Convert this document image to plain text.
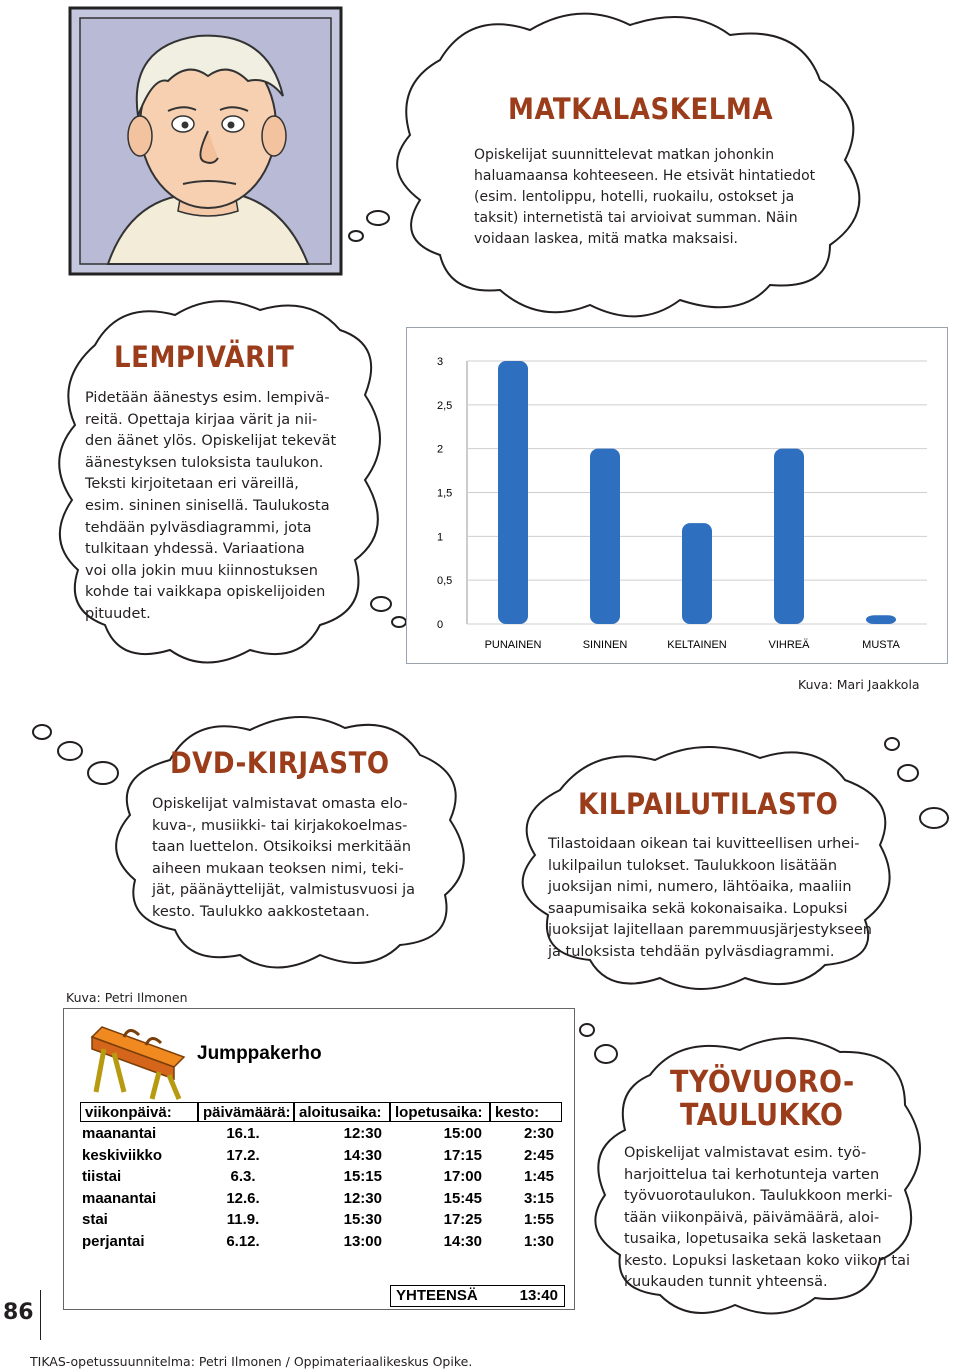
MATKALASKELMA
Opiskelijat suunnittelevat matkan johonkin
haluamaansa kohteeseen. He etsivät hintatiedot
(esim. lentolippu, hotelli, ruokailu, ostokset ja
taksit) internetistä tai arvioivat summan. Näin
voidaan laskea, mitä matka maksaisi.
LEMPIVÄRIT
Pidetään äänestys esim. lempivä-
reitä. Opettaja kirjaa värit ja nii-
den äänet ylös. Opiskelijat tekevät
äänestyksen tuloksista taulukon.
Teksti kirjoitetaan eri väreillä,
esim. sininen sinisellä. Taulukosta
tehdään pylväsdiagrammi, jota
tulkitaan yhdessä. Variaationa
voi olla jokin muu kiinnostuksen
kohde tai vaikkapa opiskelijoiden
pituudet.
0
0,5
1
1,5
2
2,5
3
PUNAINEN	SININEN	KELTAINEN	VIHREÄ	MUSTA
Kuva: Mari Jaakkola
DVD-KIRJASTO
Opiskelijat valmistavat omasta elo-
kuva-, musiikki- tai kirjakokoelmas-
taan luettelon. Otsikoiksi merkitään
aiheen mukaan teoksen nimi, teki-
jät, päänäyttelijät, valmistusvuosi ja
kesto. Taulukko aakkostetaan.
KILPAILUTILASTO
Tilastoidaan oikean tai kuvitteellisen urhei-
lukilpailun tulokset. Taulukkoon lisätään
juoksijan nimi, numero, lähtöaika, maaliin
saapumisaika sekä kokonaisaika. Lopuksi
juoksijat lajitellaan paremmuusjärjestykseen
ja tuloksista tehdään pylväsdiagrammi.
Kuva: Petri Ilmonen
Jumppakerho
viikonpäivä:	päivämäärä: aloitusaika: lopetusaika: kesto:
maanantai	16.1.	12:30	15:00	2:30
keskiviikko	17.2.	14:30	17:15	2:45
tiistai	6.3.	15:15	17:00	1:45
maanantai	12.6.	12:30	15:45	3:15
stai	11.9.	15:30	17:25	1:55
perjantai	6.12.	13:00	14:30	1:30
YHTEENSÄ	13:40
TYÖVUORO-
TAULUKKO
Opiskelijat valmistavat esim. työ-
harjoittelua tai kerhotunteja varten
työvuorotaulukon. Taulukkoon merki-
tään viikonpäivä, päivämäärä, aloi-
tusaika, lopetusaika sekä lasketaan
kesto. Lopuksi lasketaan koko viikon tai
kuukauden tunnit yhteensä.
86
TIKAS-opetussuunnitelma: Petri Ilmonen / Oppimateriaalikeskus Opike.
